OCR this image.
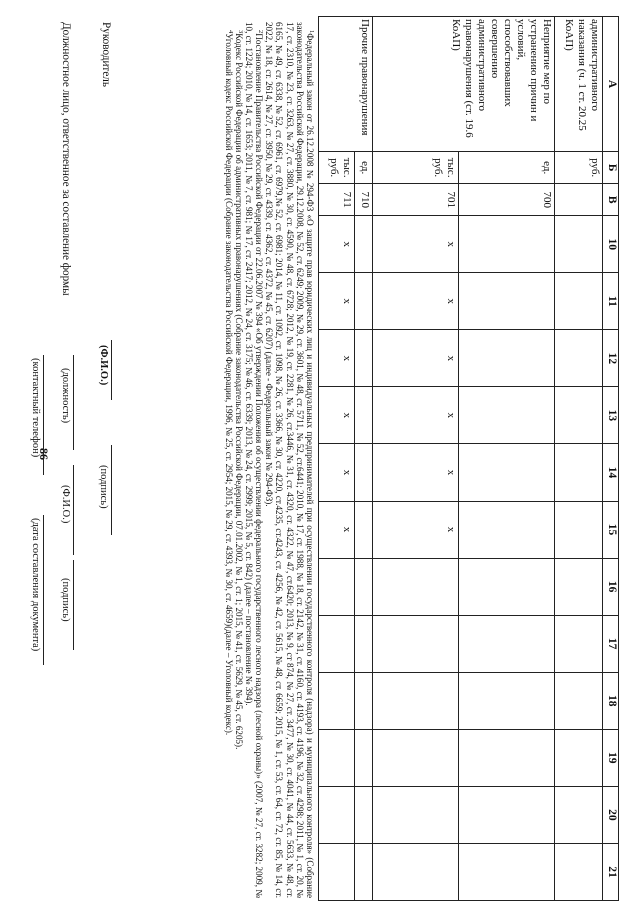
86
А	Б	В	10	11	12	13	14	15	16	17	18	19	20	21
административного наказания (ч. 1 ст. 20.25 КоАП)	руб.													
Неприятие мер по устранению причин и условий, способствовавших совершению административного правонарушения (ст. 19.6 КоАП)	ед.	700												
	тыс. руб.	701	х	х	х	х	х	х						
Прочие правонарушения	ед.	710												
	тыс. руб.	711	х	х	х	х	х	х						

$^1$Федеральный закон от 26.12.2008 № 294-ФЗ «О защите прав юридических лиц и индивидуальных предпринимателей при осуществлении государственного контроля (надзора) и муниципального контроля» (Собрание законодательства Российской Федерации, 29.12.2008, № 52, ст. 6249; 2009, № 29, ст. 3601, № 48, ст. 5711, № 52, ст.6441; 2010, № 17, ст. 1988, № 18, ст. 2142, № 31, ст. 4160, ст. 4193, ст. 4196, № 32, ст. 4298; 2011, № 1, ст. 20, № 17, ст. 2310, № 23, ст. 3263, № 27, ст. 3880, № 30, ст. 4590, № 48, ст. 6728; 2012, № 19, ст. 2281, № 26, ст.3446, № 31, ст. 4320, ст. 4322, № 47, ст.6420; 2013, № 9, ст 874, № 27, ст. 3477, № 30, ст. 4041, № 44, ст. 5633, № 48, ст. 6165, № 49, ст. 6338, № 52, ст. 6961, ст. 6979,№ 52, ст. 6981; 2014, № 11, ст. 1092, ст. 1098, № 26, ст. 3366, № 30, ст. 4220, ст.4235, ст.4243, ст. 4256, № 42, ст. 5615, № 48, ст. 6659; 2015, № 1, ст. 53, ст. 64, ст. 72, ст. 85, № 14, ст. 2022, № 18, ст. 2614, № 27, ст. 3950, № 29, ст. 4339, ст. 4362, ст. 4372, № 45, ст. 6207) (далее - Федеральный закон № 294-ФЗ).

$^2$Постановление Правительства Российской Федерации от 22.06.2007 № 394 «Об утверждении Положения об осуществлении федерального государственного лесного надзора (лесной охраны)» (2007, № 27, ст. 3282; 2009, № 10, ст. 1224; 2010, № 14, ст. 1653; 2011, № 7, ст. 981; № 17, ст. 2417; 2012, № 24, ст. 3175; № 46, ст. 6339; 2013, № 24, ст. 2999; 2015, № 5, ст. 842) (далее – постановление № 394).

$^3$Кодекс Российской Федерации об административных правонарушениях (Собрание законодательства Российской Федерации, 07.01.2002, № 1, ст. 1; 2015, № 41, ст. 5629, № 45, ст. 6205).

$^4$Уголовный кодекс Российской Федерации (Собрание законодательства Российской Федерации, 1996, № 25, ст. 2954; 2015, № 29, ст. 4393, № 30, ст. 4659)(далее – Уголовный кодекс).

Руководитель
(Ф.И.О.)
(подпись)
Должностное лицо, ответственное за составление формы
(должность)
(Ф.И.О.)
(подпись)
(контактный телефон)
(дата составления документа)
